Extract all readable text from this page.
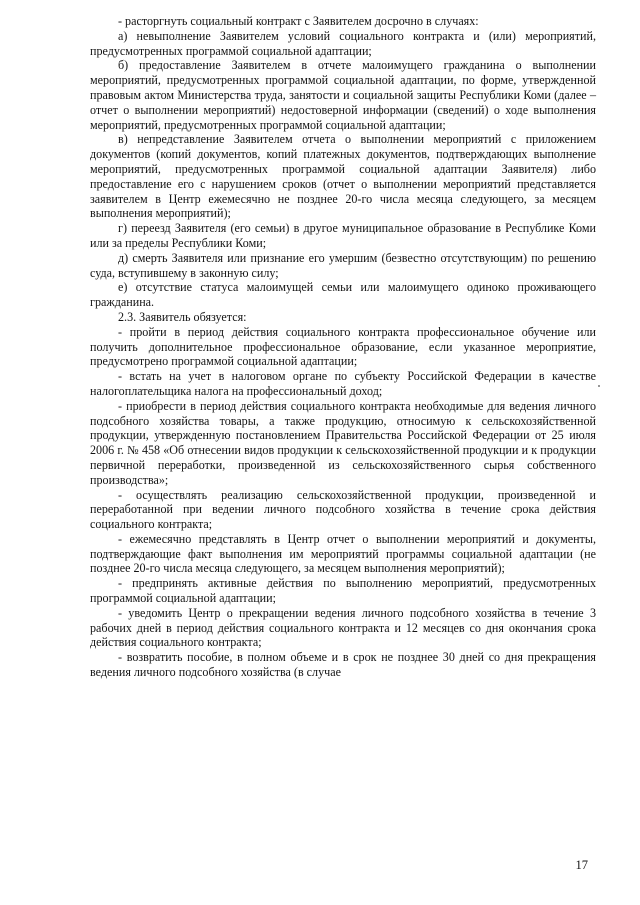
- расторгнуть социальный контракт с Заявителем досрочно в случаях:

а) невыполнение Заявителем условий социального контракта и (или) мероприятий, предусмотренных программой социальной адаптации;

б) предоставление Заявителем в отчете малоимущего гражданина о выполнении мероприятий, предусмотренных программой социальной адаптации, по форме, утвержденной правовым актом Министерства труда, занятости и социальной защиты Республики Коми (далее – отчет о выполнении мероприятий) недостоверной информации (сведений) о ходе выполнения мероприятий, предусмотренных программой социальной адаптации;

в) непредставление Заявителем отчета о выполнении мероприятий с приложением документов (копий документов, копий платежных документов, подтверждающих выполнение мероприятий, предусмотренных программой социальной адаптации Заявителя) либо предоставление его с нарушением сроков (отчет о выполнении мероприятий представляется заявителем в Центр ежемесячно не позднее 20-го числа месяца следующего, за месяцем выполнения мероприятий);

г) переезд Заявителя (его семьи) в другое муниципальное образование в Республике Коми или за пределы Республики Коми;

д) смерть Заявителя или признание его умершим (безвестно отсутствующим) по решению суда, вступившему в законную силу;

е) отсутствие статуса малоимущей семьи или малоимущего одиноко проживающего гражданина.

2.3. Заявитель обязуется:

- пройти в период действия социального контракта профессиональное обучение или получить дополнительное профессиональное образование, если указанное мероприятие, предусмотрено программой социальной адаптации;

- встать на учет в налоговом органе по субъекту Российской Федерации в качестве налогоплательщика налога на профессиональный доход;

- приобрести в период действия социального контракта необходимые для ведения личного подсобного хозяйства товары, а также продукцию, относимую к сельскохозяйственной продукции, утвержденную постановлением Правительства Российской Федерации от 25 июля 2006 г. № 458 «Об отнесении видов продукции к сельскохозяйственной продукции и к продукции первичной переработки, произведенной из сельскохозяйственного сырья собственного производства»;

- осуществлять реализацию сельскохозяйственной продукции, произведенной и переработанной при ведении личного подсобного хозяйства в течение срока действия социального контракта;

- ежемесячно представлять в Центр отчет о выполнении мероприятий и документы, подтверждающие факт выполнения им мероприятий программы социальной адаптации (не позднее 20-го числа месяца следующего, за месяцем выполнения мероприятий);

- предпринять активные действия по выполнению мероприятий, предусмотренных программой социальной адаптации;

- уведомить Центр о прекращении ведения личного подсобного хозяйства в течение 3 рабочих дней в период действия социального контракта и 12 месяцев со дня окончания срока действия социального контракта;

- возвратить пособие, в полном объеме и в срок не позднее 30 дней со дня прекращения ведения личного подсобного хозяйства (в случае

17
